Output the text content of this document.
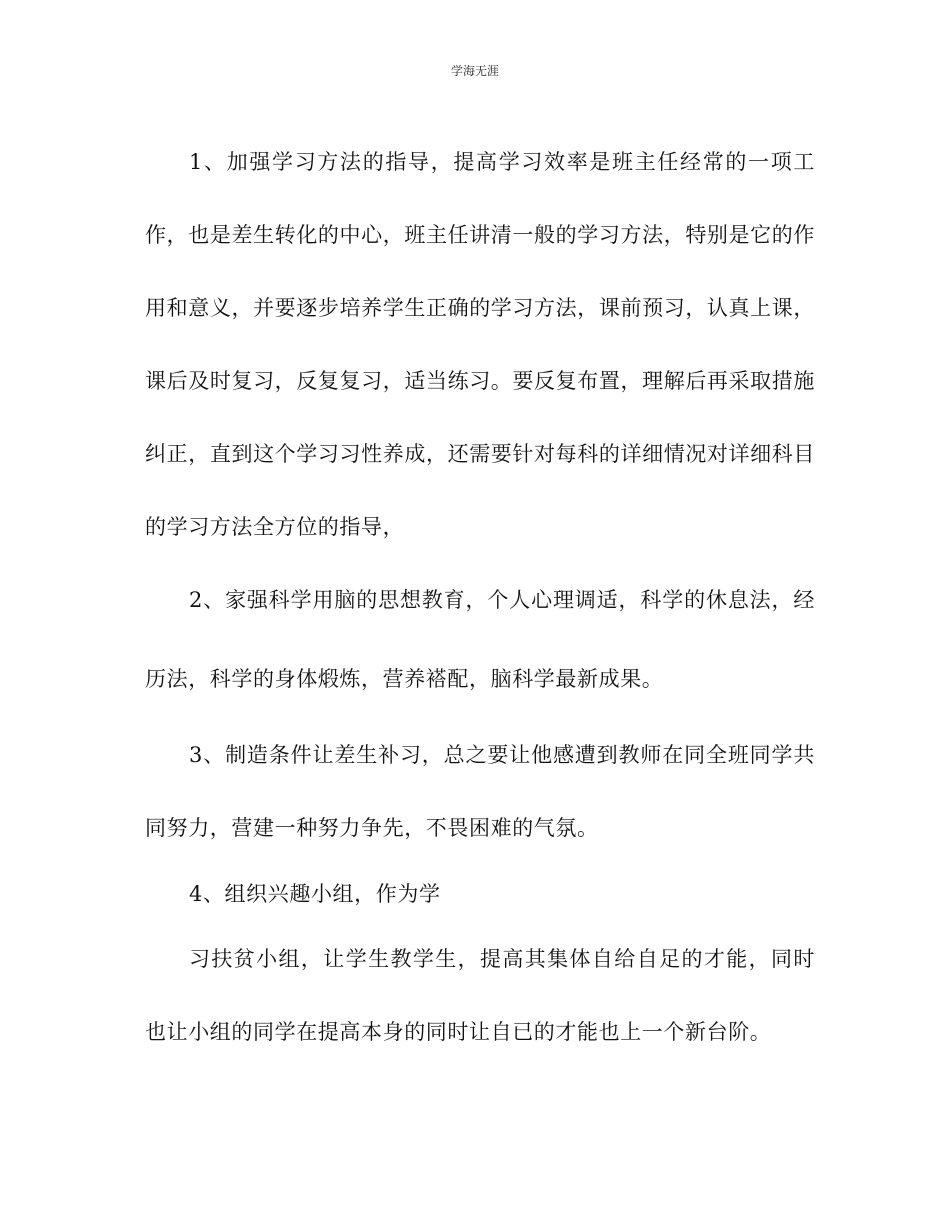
学海无涯

1、加强学习方法的指导，提高学习效率是班主任经常的一项工作，也是差生转化的中心，班主任讲清一般的学习方法，特别是它的作用和意义，并要逐步培养学生正确的学习方法，课前预习，认真上课，课后及时复习，反复复习，适当练习。要反复布置，理解后再采取措施纠正，直到这个学习习性养成，还需要针对每科的详细情况对详细科目的学习方法全方位的指导，

2、家强科学用脑的思想教育，个人心理调适，科学的休息法，经历法，科学的身体煅炼，营养褡配，脑科学最新成果。

3、制造条件让差生补习，总之要让他感遭到教师在同全班同学共同努力，营建一种努力争先，不畏困难的气氛。

4、组织兴趣小组，作为学

习扶贫小组，让学生教学生，提高其集体自给自足的才能，同时也让小组的同学在提高本身的同时让自已的才能也上一个新台阶。
